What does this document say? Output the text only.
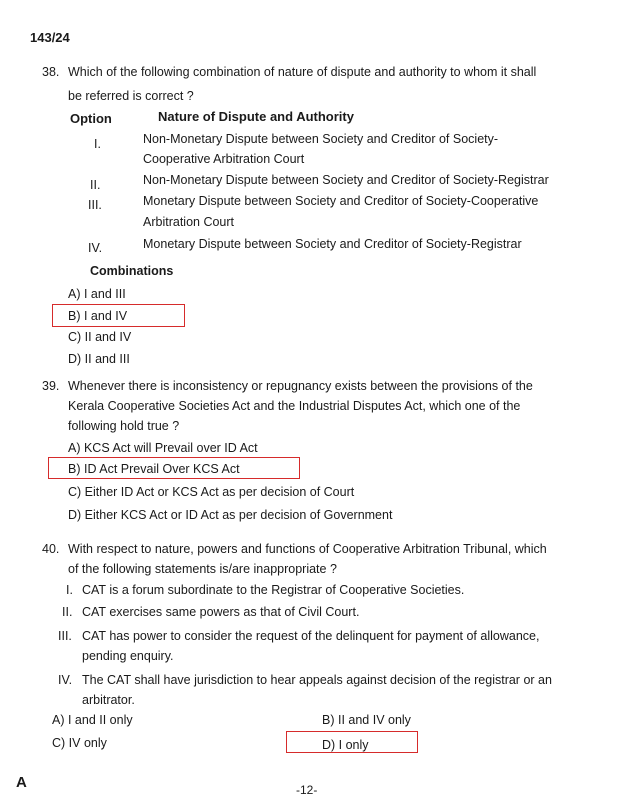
143/24
38. Which of the following combination of nature of dispute and authority to whom it shall
be referred is correct ?
Option	Nature of Dispute and Authority
I.	Non-Monetary Dispute between Society and Creditor of Society-
Cooperative Arbitration Court
II.	Non-Monetary Dispute between Society and Creditor of Society-Registrar
III.	Monetary Dispute between Society and Creditor of Society-Cooperative
Arbitration Court
IV.	Monetary Dispute between Society and Creditor of Society-Registrar
Combinations
A) I and III
B) I and IV
C) II and IV
D) II and III
39. Whenever there is inconsistency or repugnancy exists between the provisions of the
Kerala Cooperative Societies Act and the Industrial Disputes Act, which one of the
following hold true ?
A) KCS Act will Prevail over ID Act
B) ID Act Prevail Over KCS Act
C) Either ID Act or KCS Act as per decision of Court
D) Either KCS Act or ID Act as per decision of Government
40. With respect to nature, powers and functions of Cooperative Arbitration Tribunal, which
of the following statements is/are inappropriate ?
I. CAT is a forum subordinate to the Registrar of Cooperative Societies.
II. CAT exercises same powers as that of Civil Court.
III. CAT has power to consider the request of the delinquent for payment of allowance,
pending enquiry.
IV. The CAT shall have jurisdiction to hear appeals against decision of the registrar or an
arbitrator.
A) I and II only	B) II and IV only
C) IV only	D) I only
A	-12-
